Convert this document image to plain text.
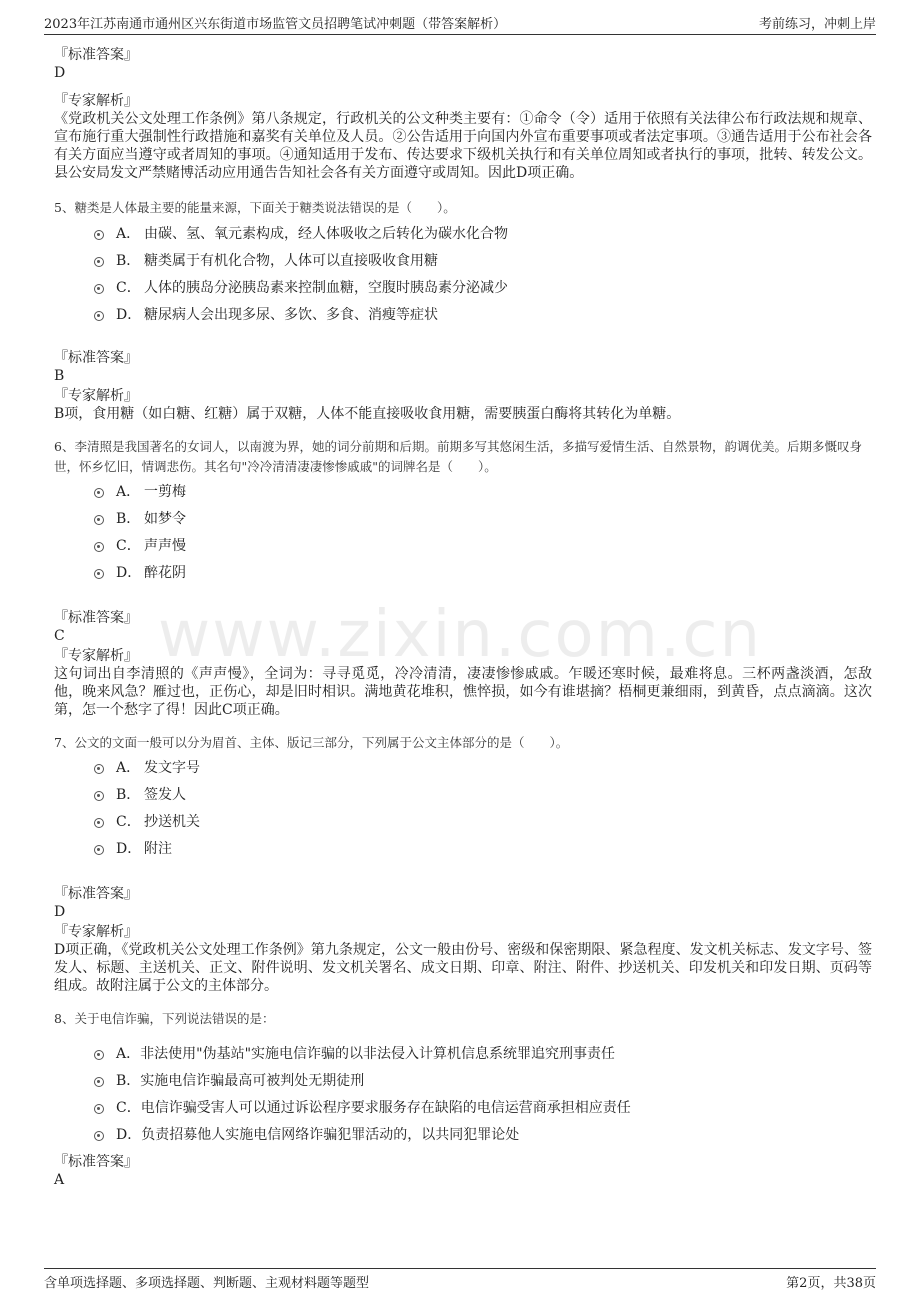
2023年江苏南通市通州区兴东街道市场监管文员招聘笔试冲刺题（带答案解析）	考前练习，冲刺上岸
www.zixin.com.cn

『标准答案』

D

『专家解析』

《党政机关公文处理工作条例》第八条规定，行政机关的公文种类主要有：①命令（令）适用于依照有关法律公布行政法规和规章、宣布施行重大强制性行政措施和嘉奖有关单位及人员。②公告适用于向国内外宣布重要事项或者法定事项。③通告适用于公布社会各有关方面应当遵守或者周知的事项。④通知适用于发布、传达要求下级机关执行和有关单位周知或者执行的事项，批转、转发公文。县公安局发文严禁赌博活动应用通告告知社会各有关方面遵守或周知。因此D项正确。

5、糖类是人体最主要的能量来源，下面关于糖类说法错误的是（　　）。

A． 由碳、氢、氧元素构成，经人体吸收之后转化为碳水化合物
B． 糖类属于有机化合物，人体可以直接吸收食用糖
C． 人体的胰岛分泌胰岛素来控制血糖，空腹时胰岛素分泌减少
D． 糖尿病人会出现多尿、多饮、多食、消瘦等症状

『标准答案』

B

『专家解析』

B项，食用糖（如白糖、红糖）属于双糖，人体不能直接吸收食用糖，需要胰蛋白酶将其转化为单糖。

6、李清照是我国著名的女词人，以南渡为界，她的词分前期和后期。前期多写其悠闲生活，多描写爱情生活、自然景物，韵调优美。后期多慨叹身世，怀乡忆旧，情调悲伤。其名句"冷冷清清凄凄惨惨戚戚"的词牌名是（　　）。

A． 一剪梅
B． 如梦令
C． 声声慢
D． 醉花阴

『标准答案』

C

『专家解析』

这句词出自李清照的《声声慢》，全词为：寻寻觅觅，冷冷清清，凄凄惨惨戚戚。乍暖还寒时候，最难将息。三杯两盏淡酒，怎敌他，晚来风急？雁过也，正伤心，却是旧时相识。满地黄花堆积，憔悴损，如今有谁堪摘？梧桐更兼细雨，到黄昏，点点滴滴。这次第，怎一个愁字了得！因此C项正确。

7、公文的文面一般可以分为眉首、主体、版记三部分，下列属于公文主体部分的是（　　）。

A． 发文字号
B． 签发人
C． 抄送机关
D． 附注

『标准答案』

D

『专家解析』

D项正确，《党政机关公文处理工作条例》第九条规定，公文一般由份号、密级和保密期限、紧急程度、发文机关标志、发文字号、签发人、标题、主送机关、正文、附件说明、发文机关署名、成文日期、印章、附注、附件、抄送机关、印发机关和印发日期、页码等组成。故附注属于公文的主体部分。

8、关于电信诈骗，下列说法错误的是：

A．非法使用"伪基站"实施电信诈骗的以非法侵入计算机信息系统罪追究刑事责任
B．实施电信诈骗最高可被判处无期徒刑
C．电信诈骗受害人可以通过诉讼程序要求服务存在缺陷的电信运营商承担相应责任
D．负责招募他人实施电信网络诈骗犯罪活动的，以共同犯罪论处

『标准答案』

A

含单项选择题、多项选择题、判断题、主观材料题等题型	第2页，共38页
